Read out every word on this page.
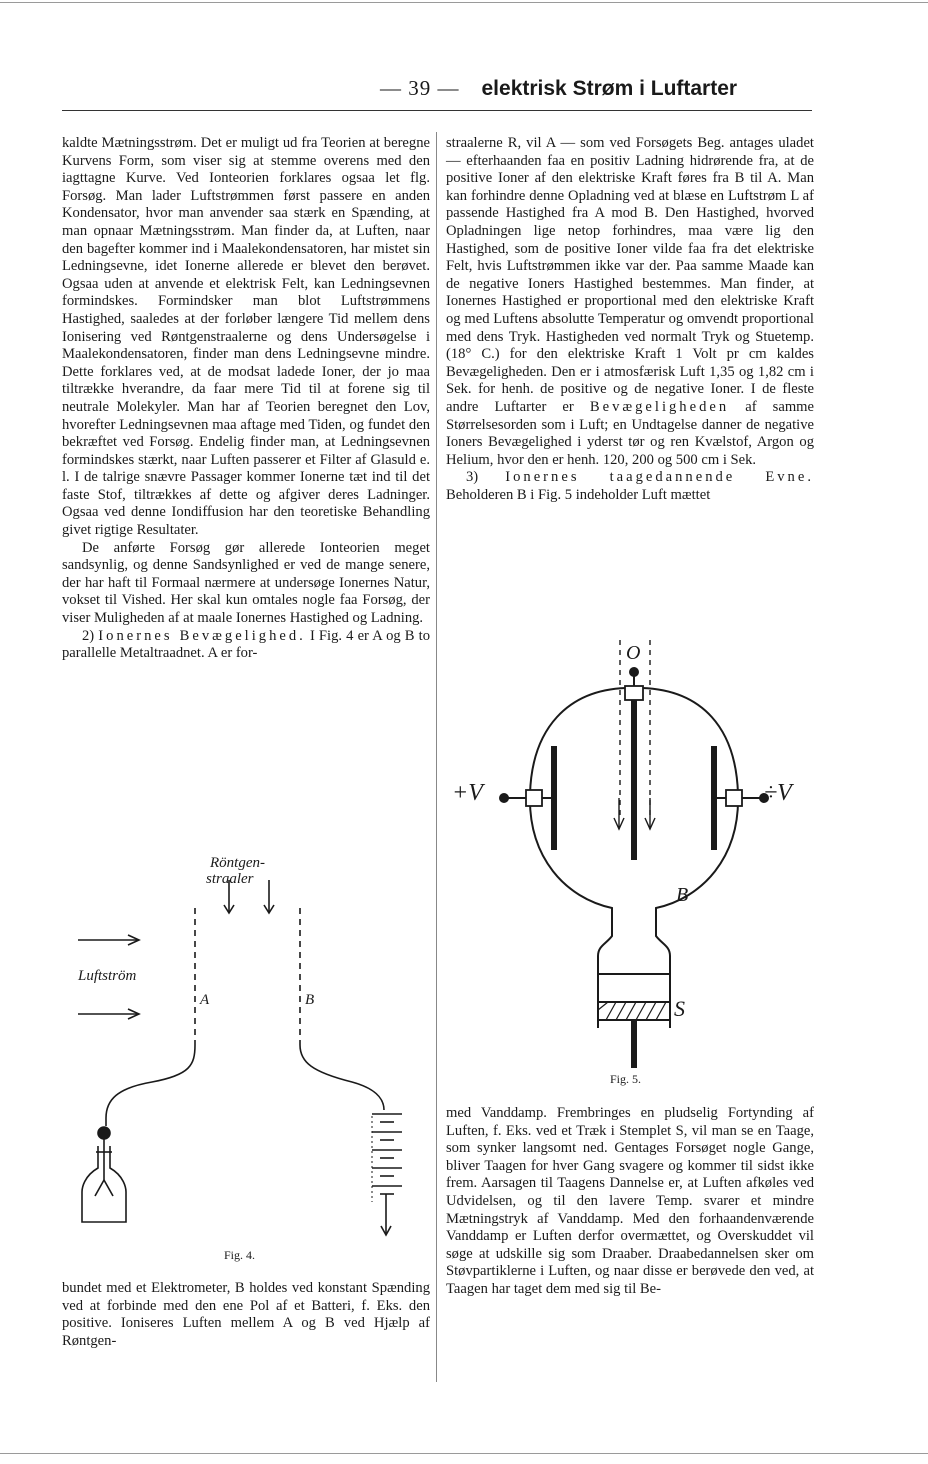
— 39 — elektrisk Strøm i Luftarter

kaldte Mætningsstrøm. Det er muligt ud fra Teorien at beregne Kurvens Form, som viser sig at stemme overens med den iagttagne Kurve. Ved Ionteorien forklares ogsaa let flg. Forsøg. Man lader Luftstrømmen først passere en anden Kondensator, hvor man anvender saa stærk en Spænding, at man opnaar Mætningsstrøm. Man finder da, at Luften, naar den bagefter kommer ind i Maalekondensatoren, har mistet sin Ledningsevne, idet Ionerne allerede er blevet den berøvet. Ogsaa uden at anvende et elektrisk Felt, kan Ledningsevnen formindskes. Formindsker man blot Luftstrømmens Hastighed, saaledes at der forløber længere Tid mellem dens Ionisering ved Røntgenstraalerne og dens Undersøgelse i Maalekondensatoren, finder man dens Ledningsevne mindre. Dette forklares ved, at de modsat ladede Ioner, der jo maa tiltrække hverandre, da faar mere Tid til at forene sig til neutrale Molekyler. Man har af Teorien beregnet den Lov, hvorefter Ledningsevnen maa aftage med Tiden, og fundet den bekræftet ved Forsøg. Endelig finder man, at Ledningsevnen formindskes stærkt, naar Luften passerer et Filter af Glasuld e. l. I de talrige snævre Passager kommer Ionerne tæt ind til det faste Stof, tiltrækkes af dette og afgiver deres Ladninger. Ogsaa ved denne Iondiffusion har den teoretiske Behandling givet rigtige Resultater.

De anførte Forsøg gør allerede Ionteorien meget sandsynlig, og denne Sandsynlighed er ved de mange senere, der har haft til Formaal nærmere at undersøge Ionernes Natur, vokset til Vished. Her skal kun omtales nogle faa Forsøg, der viser Muligheden af at maale Ionernes Hastighed og Ladning.

2) Ionernes Bevægelighed. I Fig. 4 er A og B to parallelle Metaltraadnet. A er for-

Röntgen-
straaler
Luftström
A	B
Fig. 4.

bundet med et Elektrometer, B holdes ved konstant Spænding ved at forbinde med den ene Pol af et Batteri, f. Eks. den positive. Ioniseres Luften mellem A og B ved Hjælp af Røntgen-

straalerne R, vil A — som ved Forsøgets Beg. antages uladet — efterhaanden faa en positiv Ladning hidrørende fra, at de positive Ioner af den elektriske Kraft føres fra B til A. Man kan forhindre denne Opladning ved at blæse en Luftstrøm L af passende Hastighed fra A mod B. Den Hastighed, hvorved Opladningen lige netop forhindres, maa være lig den Hastighed, som de positive Ioner vilde faa fra det elektriske Felt, hvis Luftstrømmen ikke var der. Paa samme Maade kan de negative Ioners Hastighed bestemmes. Man finder, at Ionernes Hastighed er proportional med den elektriske Kraft og med Luftens absolutte Temperatur og omvendt proportional med dens Tryk. Hastigheden ved normalt Tryk og Stuetemp. (18° C.) for den elektriske Kraft 1 Volt pr cm kaldes Bevægeligheden. Den er i atmosfærisk Luft 1,35 og 1,82 cm i Sek. for henh. de positive og de negative Ioner. I de fleste andre Luftarter er Bevægeligheden af samme Størrelsesorden som i Luft; en Undtagelse danner de negative Ioners Bevægelighed i yderst tør og ren Kvælstof, Argon og Helium, hvor den er henh. 120, 200 og 500 cm i Sek.

3) Ionernes taagedannende Evne. Beholderen B i Fig. 5 indeholder Luft mættet

O
+V	÷V
B
S
Fig. 5.

med Vanddamp. Frembringes en pludselig Fortynding af Luften, f. Eks. ved et Træk i Stemplet S, vil man se en Taage, som synker langsomt ned. Gentages Forsøget nogle Gange, bliver Taagen for hver Gang svagere og kommer til sidst ikke frem. Aarsagen til Taagens Dannelse er, at Luften afkøles ved Udvidelsen, og til den lavere Temp. svarer et mindre Mætningstryk af Vanddamp. Med den forhaandenværende Vanddamp er Luften derfor overmættet, og Overskuddet vil søge at udskille sig som Draaber. Draabedannelsen sker om Støvpartiklerne i Luften, og naar disse er berøvede den ved, at Taagen har taget dem med sig til Be-
